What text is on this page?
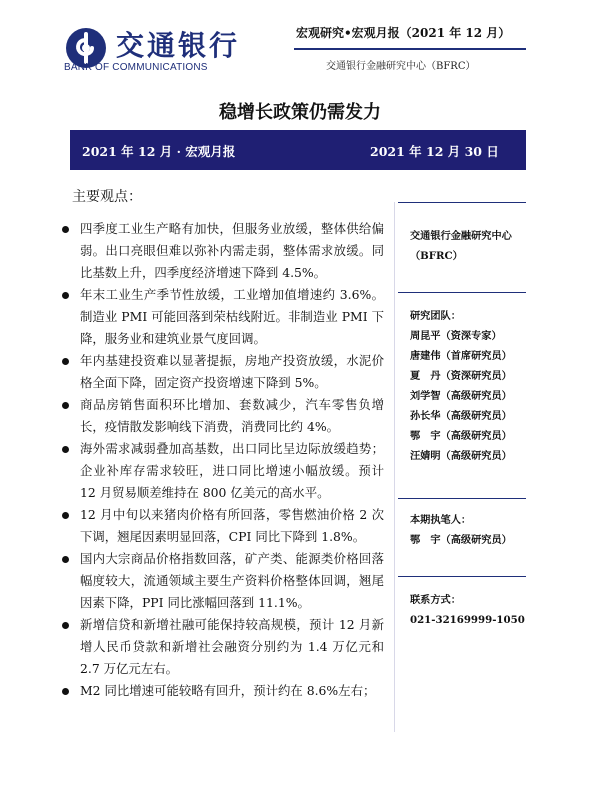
交通银行
BANK OF COMMUNICATIONS
宏观研究•宏观月报（2021 年 12 月）
交通银行金融研究中心（BFRC）
稳增长政策仍需发力
2021 年 12 月 · 宏观月报	2021 年 12 月 30 日
主要观点：
四季度工业生产略有加快，但服务业放缓，整体供给偏弱。出口亮眼但难以弥补内需走弱，整体需求放缓。同比基数上升，四季度经济增速下降到 4.5%。
年末工业生产季节性放缓，工业增加值增速约 3.6%。制造业 PMI 可能回落到荣枯线附近。非制造业 PMI 下降，服务业和建筑业景气度回调。
年内基建投资难以显著提振，房地产投资放缓，水泥价格全面下降，固定资产投资增速下降到 5%。
商品房销售面积环比增加、套数减少，汽车零售负增长，疫情散发影响线下消费，消费同比约 4%。
海外需求减弱叠加高基数，出口同比呈边际放缓趋势；企业补库存需求较旺，进口同比增速小幅放缓。预计 12 月贸易顺差维持在 800 亿美元的高水平。
12 月中旬以来猪肉价格有所回落，零售燃油价格 2 次下调，翘尾因素明显回落，CPI 同比下降到 1.8%。
国内大宗商品价格指数回落，矿产类、能源类价格回落幅度较大，流通领域主要生产资料价格整体回调，翘尾因素下降，PPI 同比涨幅回落到 11.1%。
新增信贷和新增社融可能保持较高规模，预计 12 月新增人民币贷款和新增社会融资分别约为 1.4 万亿元和 2.7 万亿元左右。
M2 同比增速可能较略有回升，预计约在 8.6%左右；
交通银行金融研究中心
（BFRC）
研究团队：
周昆平（资深专家）
唐建伟（首席研究员）
夏　丹（资深研究员）
刘学智（高级研究员）
孙长华（高级研究员）
鄂　宇（高级研究员）
汪婧明（高级研究员）
本期执笔人：
鄂　宇（高级研究员）
联系方式：
021-32169999-1050
